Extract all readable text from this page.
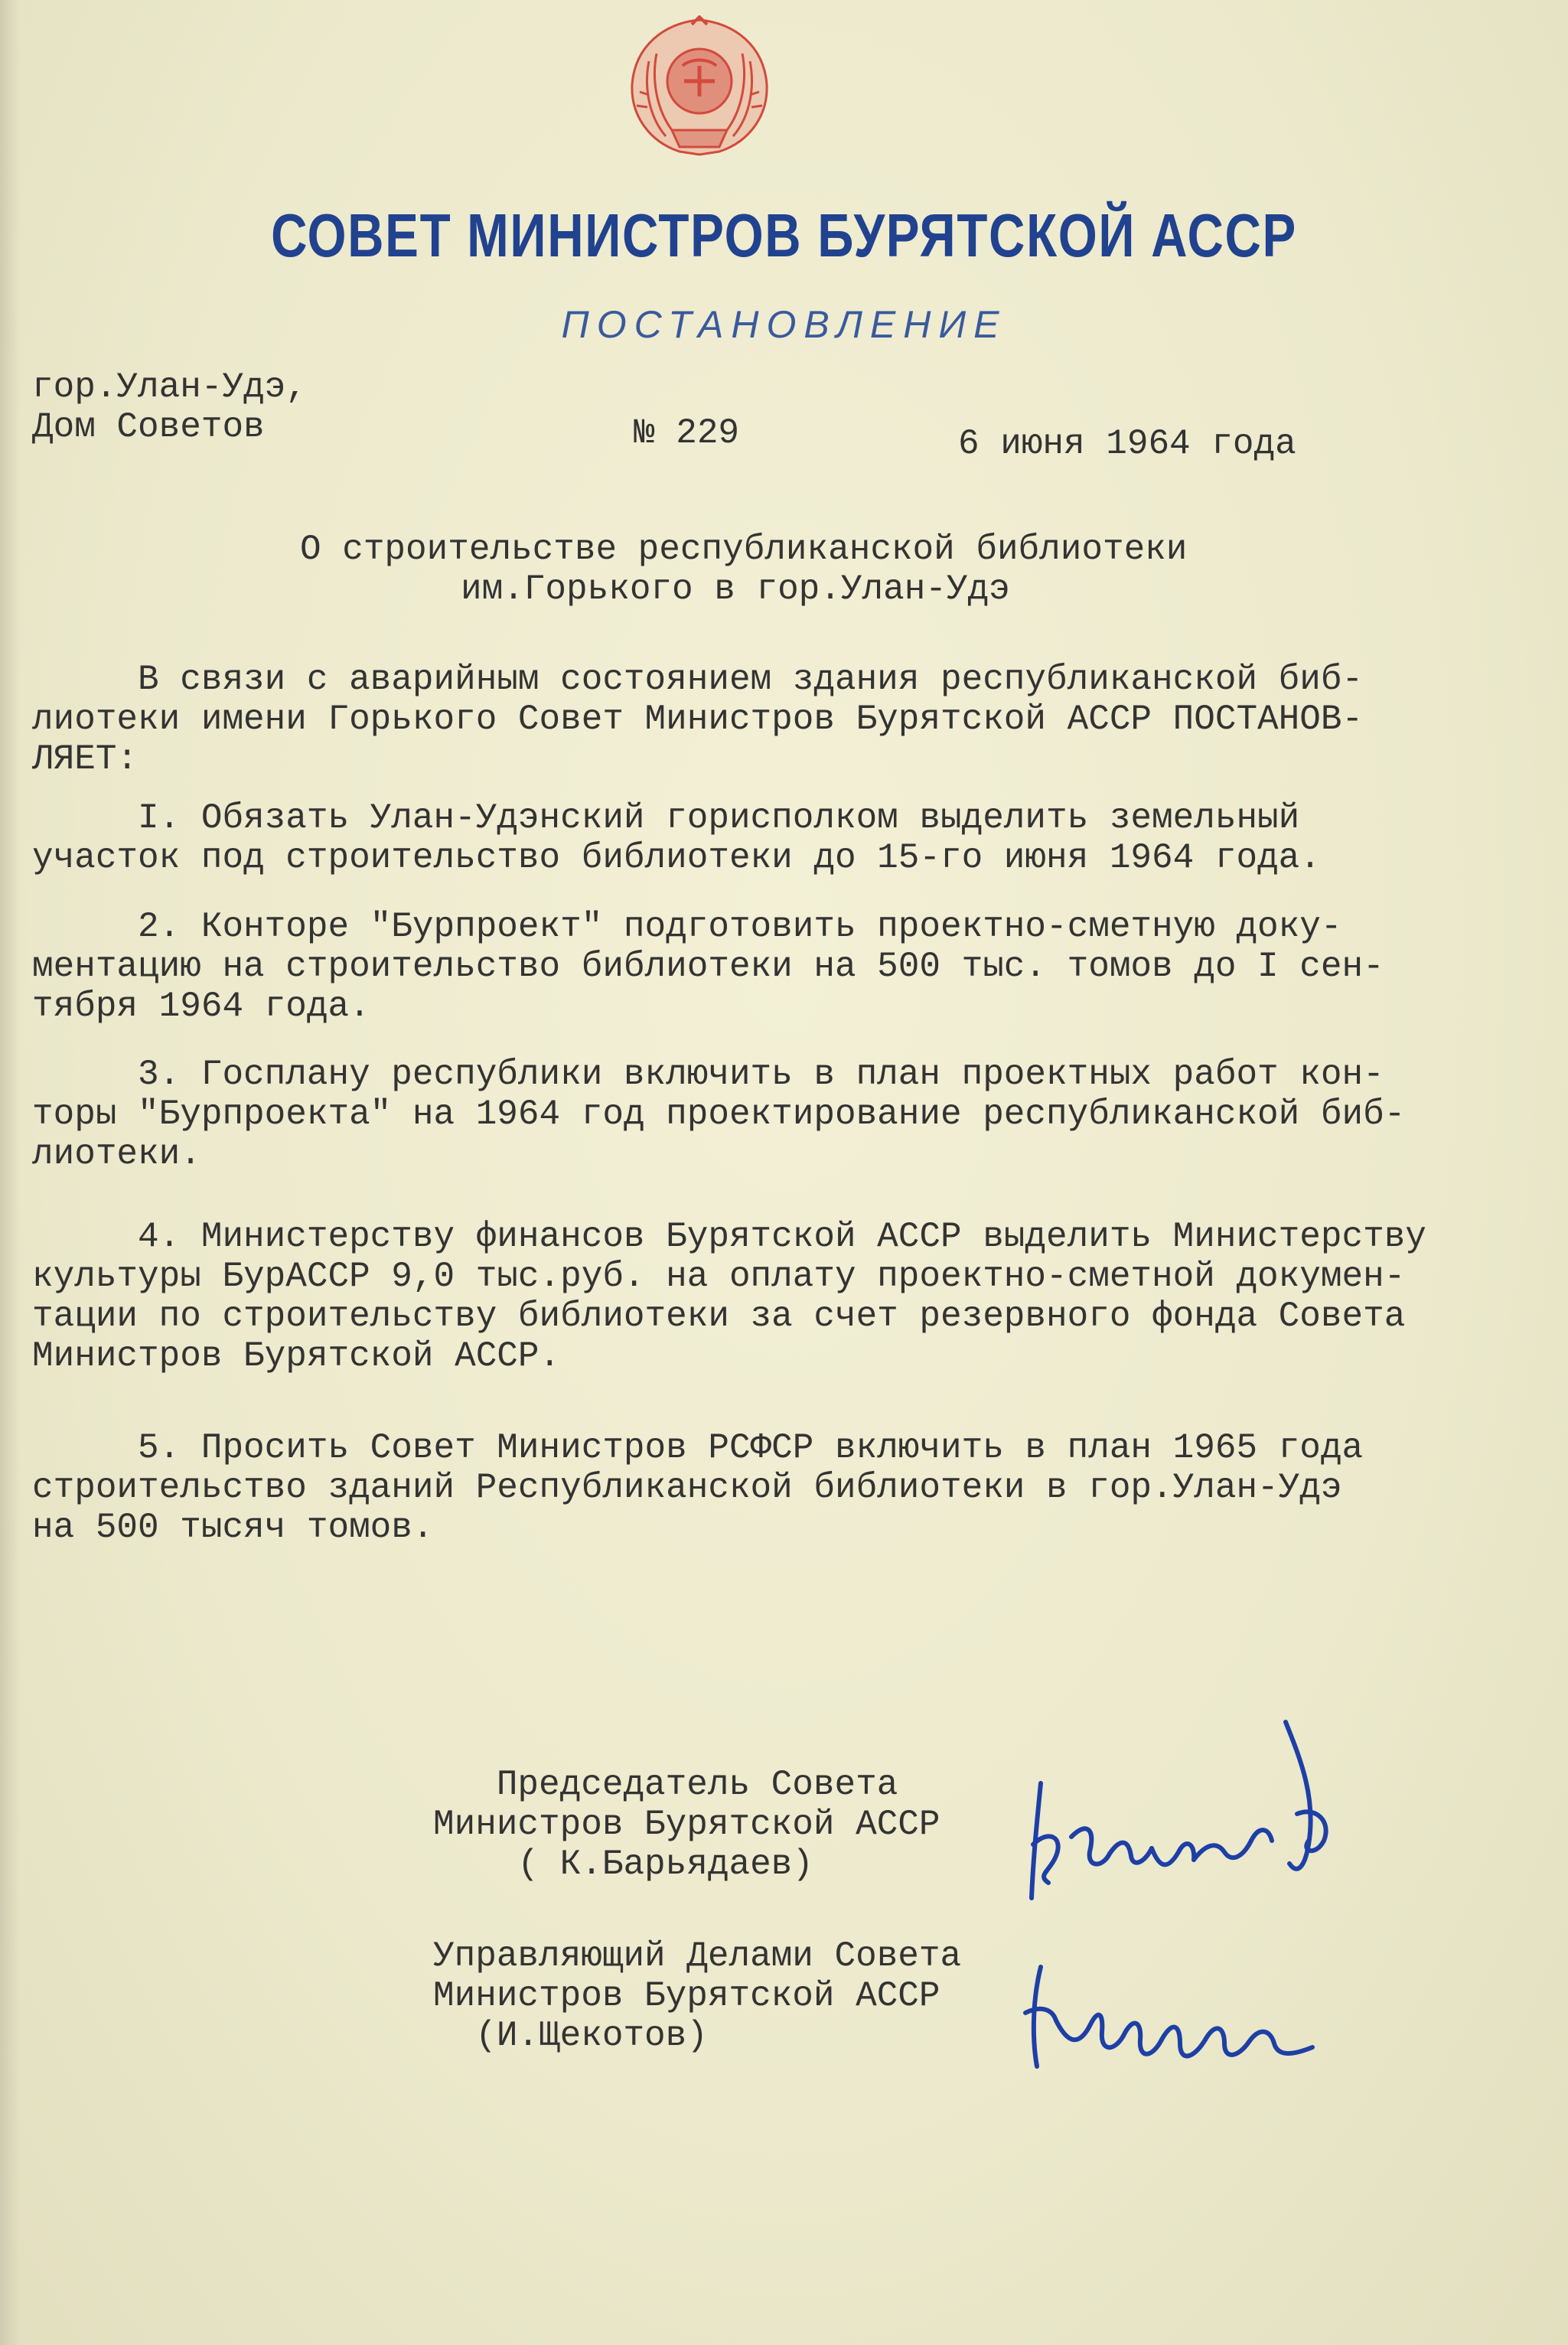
СОВЕТ МИНИСТРОВ БУРЯТСКОЙ АССР
ПОСТАНОВЛЕНИЕ
гор.Улан-Удэ,
Дом Советов	№ 229	6 июня 1964 года
О строительстве республиканской библиотеки
им.Горького в гор.Улан-Удэ
В связи с аварийным состоянием здания республиканской биб-
лиотеки имени Горького Совет Министров Бурятской АССР ПОСТАНОВ-
ЛЯЕТ:
I. Обязать Улан-Удэнский горисполком выделить земельный
участок под строительство библиотеки до 15-го июня 1964 года.
2. Конторе "Бурпроект" подготовить проектно-сметную доку-
ментацию на строительство библиотеки на 500 тыс. томов до I сен-
тября 1964 года.
3. Госплану республики включить в план проектных работ кон-
торы "Бурпроекта" на 1964 год проектирование республиканской биб-
лиотеки.
4. Министерству финансов Бурятской АССР выделить Министерству
культуры БурАССР 9,0 тыс.руб. на оплату проектно-сметной докумен-
тации по строительству библиотеки за счет резервного фонда Совета
Министров Бурятской АССР.
5. Просить Совет Министров РСФСР включить в план 1965 года
строительство зданий Республиканской библиотеки в гор.Улан-Удэ
на 500 тысяч томов.
Председатель Совета
Министров Бурятской АССР
( К.Барьядаев)
Управляющий Делами Совета
Министров Бурятской АССР
(И.Щекотов)
